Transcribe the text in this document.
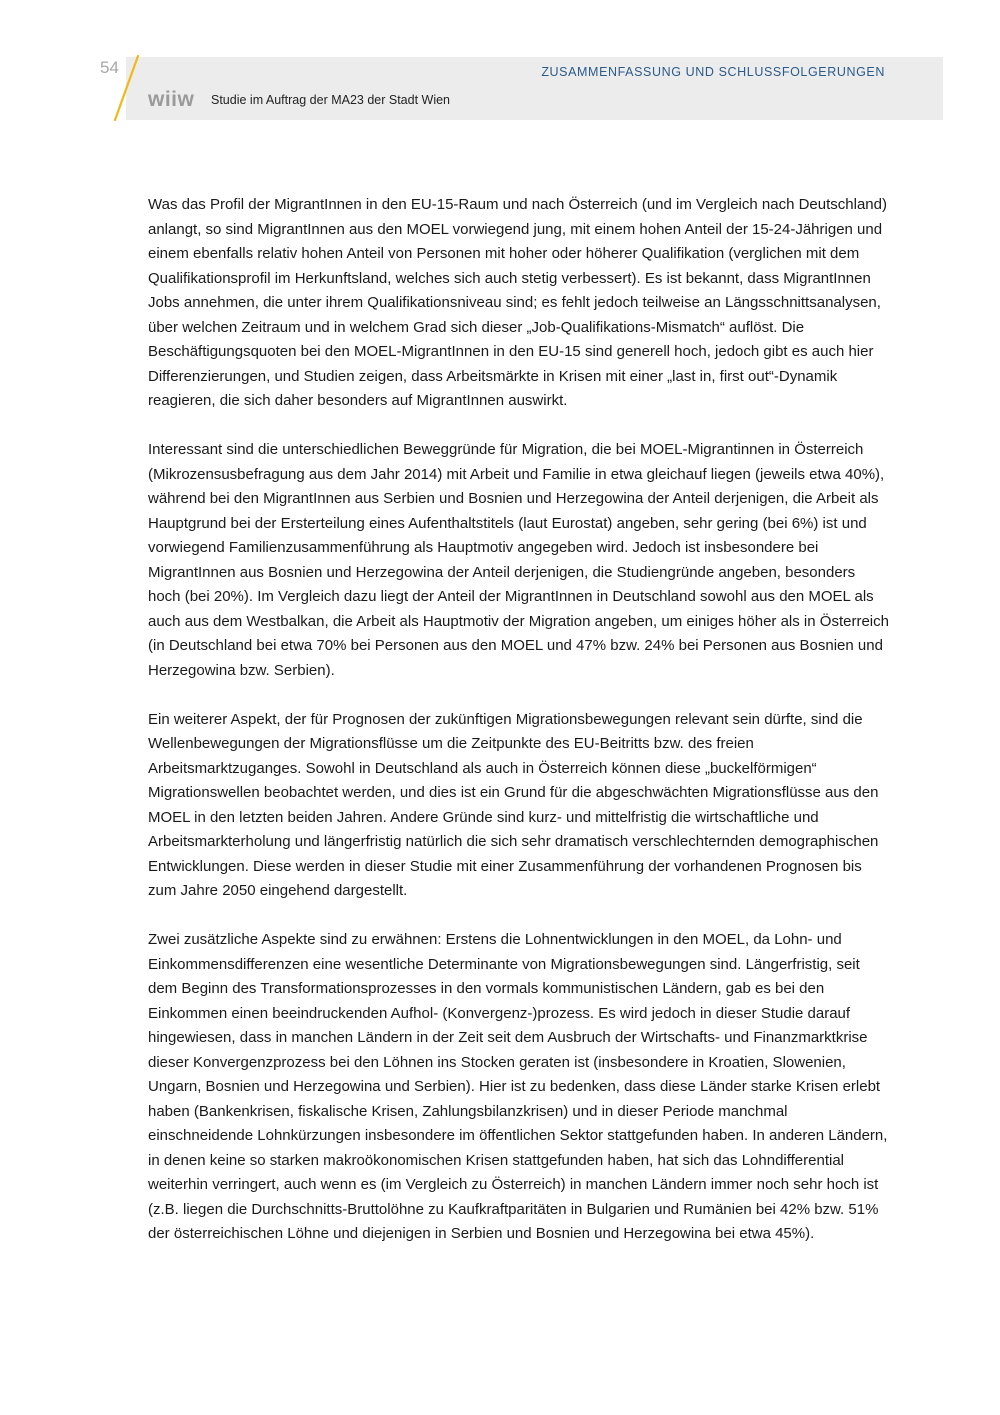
54
wiiw Studie im Auftrag der MA23 der Stadt Wien
ZUSAMMENFASSUNG UND SCHLUSSFOLGERUNGEN

Was das Profil der MigrantInnen in den EU-15-Raum und nach Österreich (und im Vergleich nach Deutschland) anlangt, so sind MigrantInnen aus den MOEL vorwiegend jung, mit einem hohen Anteil der 15-24-Jährigen und einem ebenfalls relativ hohen Anteil von Personen mit hoher oder höherer Qualifikation (verglichen mit dem Qualifikationsprofil im Herkunftsland, welches sich auch stetig verbessert). Es ist bekannt, dass MigrantInnen Jobs annehmen, die unter ihrem Qualifikationsniveau sind; es fehlt jedoch teilweise an Längsschnittsanalysen, über welchen Zeitraum und in welchem Grad sich dieser „Job-Qualifikations-Mismatch“ auflöst. Die Beschäftigungsquoten bei den MOEL-MigrantInnen in den EU-15 sind generell hoch, jedoch gibt es auch hier Differenzierungen, und Studien zeigen, dass Arbeitsmärkte in Krisen mit einer „last in, first out“-Dynamik reagieren, die sich daher besonders auf MigrantInnen auswirkt.

Interessant sind die unterschiedlichen Beweggründe für Migration, die bei MOEL-Migrantinnen in Österreich (Mikrozensusbefragung aus dem Jahr 2014) mit Arbeit und Familie in etwa gleichauf liegen (jeweils etwa 40%), während bei den MigrantInnen aus Serbien und Bosnien und Herzegowina der Anteil derjenigen, die Arbeit als Hauptgrund bei der Ersterteilung eines Aufenthaltstitels (laut Eurostat) angeben, sehr gering (bei 6%) ist und vorwiegend Familienzusammenführung als Hauptmotiv angegeben wird. Jedoch ist insbesondere bei MigrantInnen aus Bosnien und Herzegowina der Anteil derjenigen, die Studiengründe angeben, besonders hoch (bei 20%). Im Vergleich dazu liegt der Anteil der MigrantInnen in Deutschland sowohl aus den MOEL als auch aus dem Westbalkan, die Arbeit als Hauptmotiv der Migration angeben, um einiges höher als in Österreich (in Deutschland bei etwa 70% bei Personen aus den MOEL und 47% bzw. 24% bei Personen aus Bosnien und Herzegowina bzw. Serbien).

Ein weiterer Aspekt, der für Prognosen der zukünftigen Migrationsbewegungen relevant sein dürfte, sind die Wellenbewegungen der Migrationsflüsse um die Zeitpunkte des EU-Beitritts bzw. des freien Arbeitsmarktzuganges. Sowohl in Deutschland als auch in Österreich können diese „buckelförmigen“ Migrationswellen beobachtet werden, und dies ist ein Grund für die abgeschwächten Migrationsflüsse aus den MOEL in den letzten beiden Jahren. Andere Gründe sind kurz- und mittelfristig die wirtschaftliche und Arbeitsmarkterholung und längerfristig natürlich die sich sehr dramatisch verschlechternden demographischen Entwicklungen. Diese werden in dieser Studie mit einer Zusammenführung der vorhandenen Prognosen bis zum Jahre 2050 eingehend dargestellt.

Zwei zusätzliche Aspekte sind zu erwähnen: Erstens die Lohnentwicklungen in den MOEL, da Lohn- und Einkommensdifferenzen eine wesentliche Determinante von Migrationsbewegungen sind. Längerfristig, seit dem Beginn des Transformationsprozesses in den vormals kommunistischen Ländern, gab es bei den Einkommen einen beeindruckenden Aufhol- (Konvergenz-)prozess. Es wird jedoch in dieser Studie darauf hingewiesen, dass in manchen Ländern in der Zeit seit dem Ausbruch der Wirtschafts- und Finanzmarktkrise dieser Konvergenzprozess bei den Löhnen ins Stocken geraten ist (insbesondere in Kroatien, Slowenien, Ungarn, Bosnien und Herzegowina und Serbien). Hier ist zu bedenken, dass diese Länder starke Krisen erlebt haben (Bankenkrisen, fiskalische Krisen, Zahlungsbilanzkrisen) und in dieser Periode manchmal einschneidende Lohnkürzungen insbesondere im öffentlichen Sektor stattgefunden haben. In anderen Ländern, in denen keine so starken makroökonomischen Krisen stattgefunden haben, hat sich das Lohndifferential weiterhin verringert, auch wenn es (im Vergleich zu Österreich) in manchen Ländern immer noch sehr hoch ist (z.B. liegen die Durchschnitts-Bruttolöhne zu Kaufkraftparitäten in Bulgarien und Rumänien bei 42% bzw. 51% der österreichischen Löhne und diejenigen in Serbien und Bosnien und Herzegowina bei etwa 45%).
